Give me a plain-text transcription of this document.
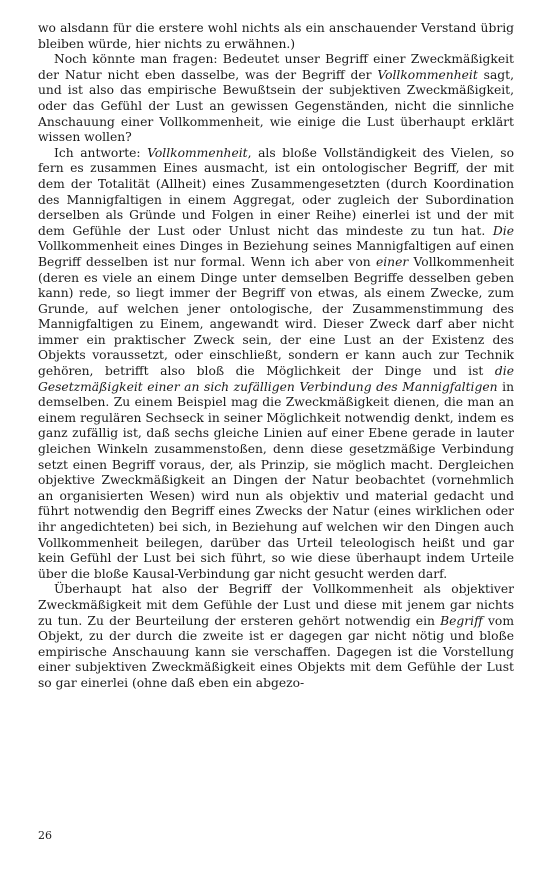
wo alsdann für die erstere wohl nichts als ein anschauender Verstand übrig bleiben würde, hier nichts zu erwähnen.)

Noch könnte man fragen: Bedeutet unser Begriff einer Zweckmäßigkeit der Natur nicht eben dasselbe, was der Begriff der Vollkommenheit sagt, und ist also das empirische Bewußtsein der subjektiven Zweckmäßigkeit, oder das Gefühl der Lust an gewissen Gegenständen, nicht die sinnliche Anschauung einer Vollkommenheit, wie einige die Lust überhaupt erklärt wissen wollen?

Ich antworte: Vollkommenheit, als bloße Vollständigkeit des Vielen, so fern es zusammen Eines ausmacht, ist ein ontologischer Begriff, der mit dem der Totalität (Allheit) eines Zusammengesetzten (durch Koordination des Mannigfaltigen in einem Aggregat, oder zugleich der Subordination derselben als Gründe und Folgen in einer Reihe) einerlei ist und der mit dem Gefühle der Lust oder Unlust nicht das mindeste zu tun hat. Die Vollkommenheit eines Dinges in Beziehung seines Mannigfaltigen auf einen Begriff desselben ist nur formal. Wenn ich aber von einer Vollkommenheit (deren es viele an einem Dinge unter demselben Begriffe desselben geben kann) rede, so liegt immer der Begriff von etwas, als einem Zwecke, zum Grunde, auf welchen jener ontologische, der Zusammenstimmung des Mannigfaltigen zu Einem, angewandt wird. Dieser Zweck darf aber nicht immer ein praktischer Zweck sein, der eine Lust an der Existenz des Objekts voraussetzt, oder einschließt, sondern er kann auch zur Technik gehören, betrifft also bloß die Möglichkeit der Dinge und ist die Gesetzmäßigkeit einer an sich zufälligen Verbindung des Mannigfaltigen in demselben. Zu einem Beispiel mag die Zweckmäßigkeit dienen, die man an einem regulären Sechseck in seiner Möglichkeit notwendig denkt, indem es ganz zufällig ist, daß sechs gleiche Linien auf einer Ebene gerade in lauter gleichen Winkeln zusammenstoßen, denn diese gesetzmäßige Verbindung setzt einen Begriff voraus, der, als Prinzip, sie möglich macht. Dergleichen objektive Zweckmäßigkeit an Dingen der Natur beobachtet (vornehmlich an organisierten Wesen) wird nun als objektiv und material gedacht und führt notwendig den Begriff eines Zwecks der Natur (eines wirklichen oder ihr angedichteten) bei sich, in Beziehung auf welchen wir den Dingen auch Vollkommenheit beilegen, darüber das Urteil teleologisch heißt und gar kein Gefühl der Lust bei sich führt, so wie diese überhaupt indem Urteile über die bloße Kausal-Verbindung gar nicht gesucht werden darf.

Überhaupt hat also der Begriff der Vollkommenheit als objektiver Zweckmäßigkeit mit dem Gefühle der Lust und diese mit jenem gar nichts zu tun. Zu der Beurteilung der ersteren gehört notwendig ein Begriff vom Objekt, zu der durch die zweite ist er dagegen gar nicht nötig und bloße empirische Anschauung kann sie verschaffen. Dagegen ist die Vorstellung einer subjektiven Zweckmäßigkeit eines Objekts mit dem Gefühle der Lust so gar einerlei (ohne daß eben ein abgezo-

26
